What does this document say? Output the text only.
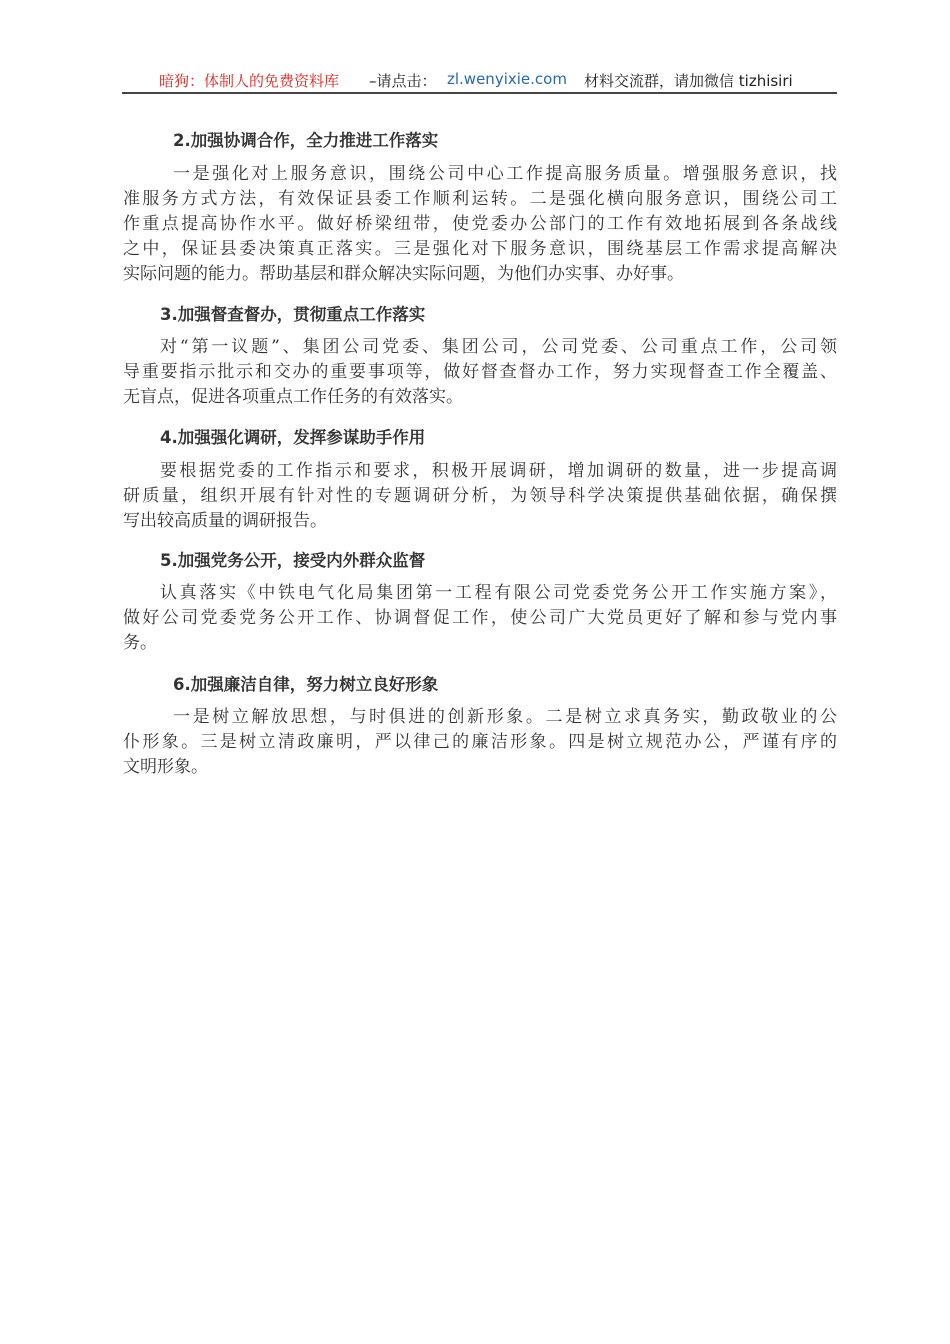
暗狗：体制人的免费资料库 –请点击： zl.wenyixie.com 材料交流群，请加微信 tizhisiri
2.加强协调合作，全力推进工作落实
一是强化对上服务意识，围绕公司中心工作提高服务质量。增强服务意识，找
准服务方式方法，有效保证县委工作顺利运转。二是强化横向服务意识，围绕公司工
作重点提高协作水平。做好桥梁纽带，使党委办公部门的工作有效地拓展到各条战线
之中，保证县委决策真正落实。三是强化对下服务意识，围绕基层工作需求提高解决
实际问题的能力。帮助基层和群众解决实际问题，为他们办实事、办好事。
3.加强督查督办，贯彻重点工作落实
对“第一议题”、集团公司党委、集团公司，公司党委、公司重点工作，公司领
导重要指示批示和交办的重要事项等，做好督查督办工作，努力实现督查工作全覆盖、
无盲点，促进各项重点工作任务的有效落实。
4.加强强化调研，发挥参谋助手作用
要根据党委的工作指示和要求，积极开展调研，增加调研的数量，进一步提高调
研质量，组织开展有针对性的专题调研分析，为领导科学决策提供基础依据，确保撰
写出较高质量的调研报告。
5.加强党务公开，接受内外群众监督
认真落实《中铁电气化局集团第一工程有限公司党委党务公开工作实施方案》，
做好公司党委党务公开工作、协调督促工作，使公司广大党员更好了解和参与党内事
务。
6.加强廉洁自律，努力树立良好形象
一是树立解放思想，与时俱进的创新形象。二是树立求真务实，勤政敬业的公
仆形象。三是树立清政廉明，严以律己的廉洁形象。四是树立规范办公，严谨有序的
文明形象。
